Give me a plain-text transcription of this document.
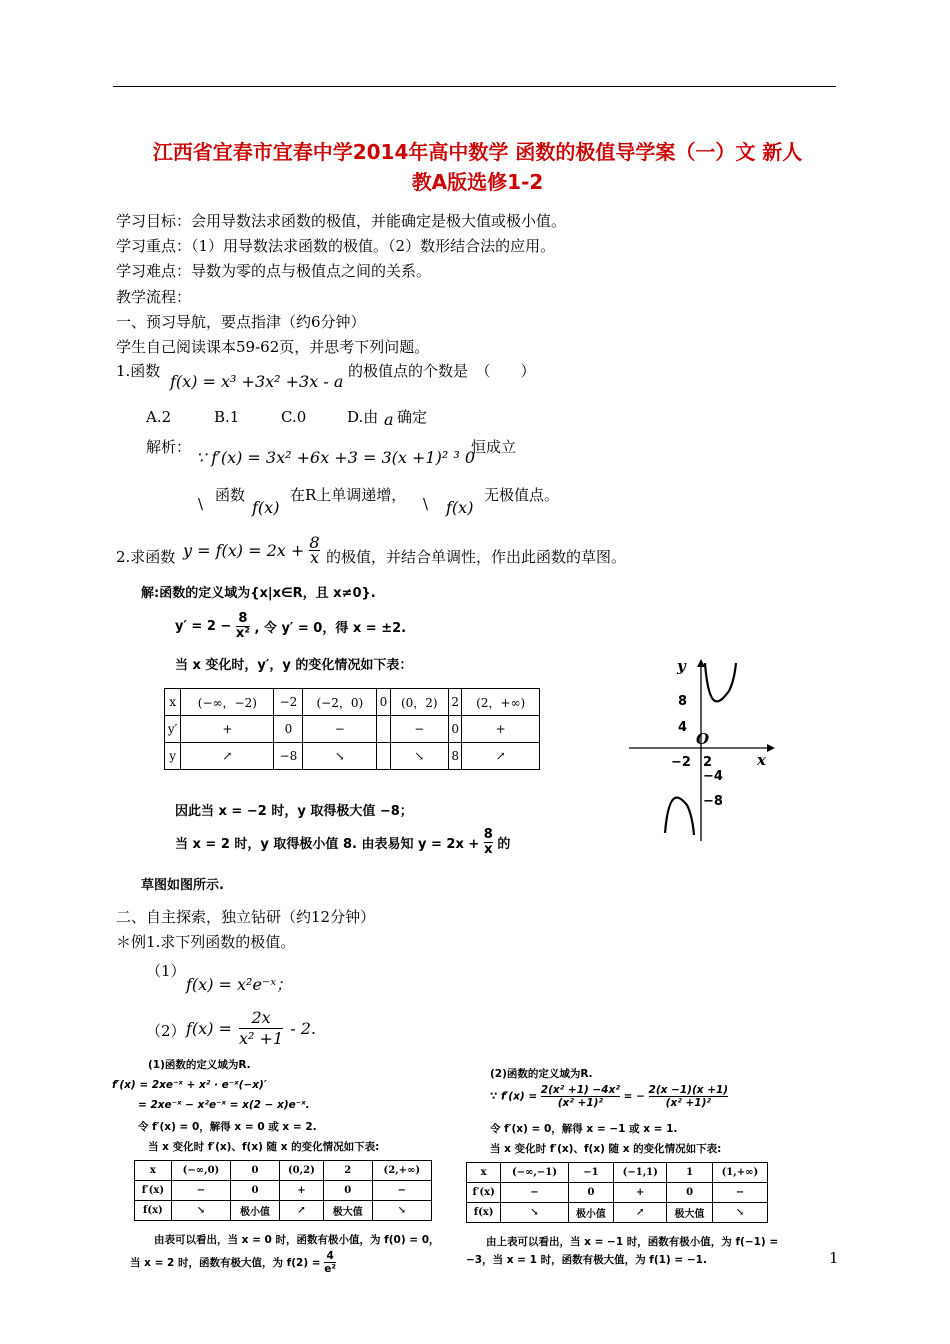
江西省宜春市宜春中学2014年高中数学 函数的极值导学案（一）文 新人
教A版选修1-2
学习目标：会用导数法求函数的极值，并能确定是极大值或极小值。
学习重点：（1）用导数法求函数的极值。（2）数形结合法的应用。
学习难点：导数为零的点与极值点之间的关系。
教学流程：
一、预习导航，要点指津（约6分钟）
学生自己阅读课本59-62页，并思考下列问题。
1.函数
f(x) = x³ +3x² +3x - a
的极值点的个数是　（　　）
A.2	B.1	C.0	D.由 a 确定
解析：
∵ f′(x) = 3x² +6x +3 = 3(x +1)² ³ 0
恒成立
\ 函数
f(x)
在R上单调递增， \ f(x)
无极值点。
2.求函数 $y = f(x) = 2x + \frac{8}{x}$ 的极值，并结合单调性，作出此函数的草图。
解:函数的定义域为{x|x∈R，且 x≠0}.
$y' = 2 - \frac{8}{\text{x²}}$ , 令 y′ = 0，得 x = ±2.
当 x 变化时，y′，y 的变化情况如下表：
x	(−∞，−2)	−2	(−2，0)	0	(0，2)	2	(2，+∞)
y′	+	0	−		−	0	+
y	↗	−8	↘		↘	8	↗
因此当 x = −2 时，y 取得极大值 −8；
当 x = 2 时，y 取得极小值 8. 由表易知 $y = 2x + \frac{8}{x}$ 的
草图如图所示.
y
x
O
8
4
−2 2
−4
−8
二、自主探索，独立钻研（约12分钟）
＊例1.求下列函数的极值。
（1）
f(x) = x²e⁻ˣ；
（2） $f(x) = \frac{2x}{\text{x² +1}} - 2$.
(1)函数的定义域为R.
f′(x) = 2xe⁻ˣ + x² · e⁻ˣ(−x)′
= 2xe⁻ˣ − x²e⁻ˣ = x(2 − x)e⁻ˣ.
令 f′(x) = 0，解得 x = 0 或 x = 2.
当 x 变化时 f′(x)、f(x) 随 x 的变化情况如下表:
x	(−∞,0)	0	(0,2)	2	(2,+∞)
f′(x)	−	0	+	0	−
f(x)	↘	极小值	↗	极大值	↘
由表可以看出，当 x = 0 时，函数有极小值，为 f(0) = 0，
当 x = 2 时，函数有极大值，为 $f(2) = \frac{4}{\text{e²}}$
(2)函数的定义域为R.
∵ $f'(x) = \frac{\text{2(x² +1) −4x²}}{\text{(x² +1)²}}$ = − $\frac{2(x -1)(x +1)}{\text{(x² +1)²}}$
令 f′(x) = 0，解得 x = −1 或 x = 1.
当 x 变化时 f′(x)、f(x) 随 x 的变化情况如下表:
x	(−∞,−1)	−1	(−1,1)	1	(1,+∞)
f′(x)	−	0	+	0	−
f(x)	↘	极小值	↗	极大值	↘
由上表可以看出，当 x = −1 时，函数有极小值，为 f(−1) =
−3，当 x = 1 时，函数有极大值，为 f(1) = −1.	1
